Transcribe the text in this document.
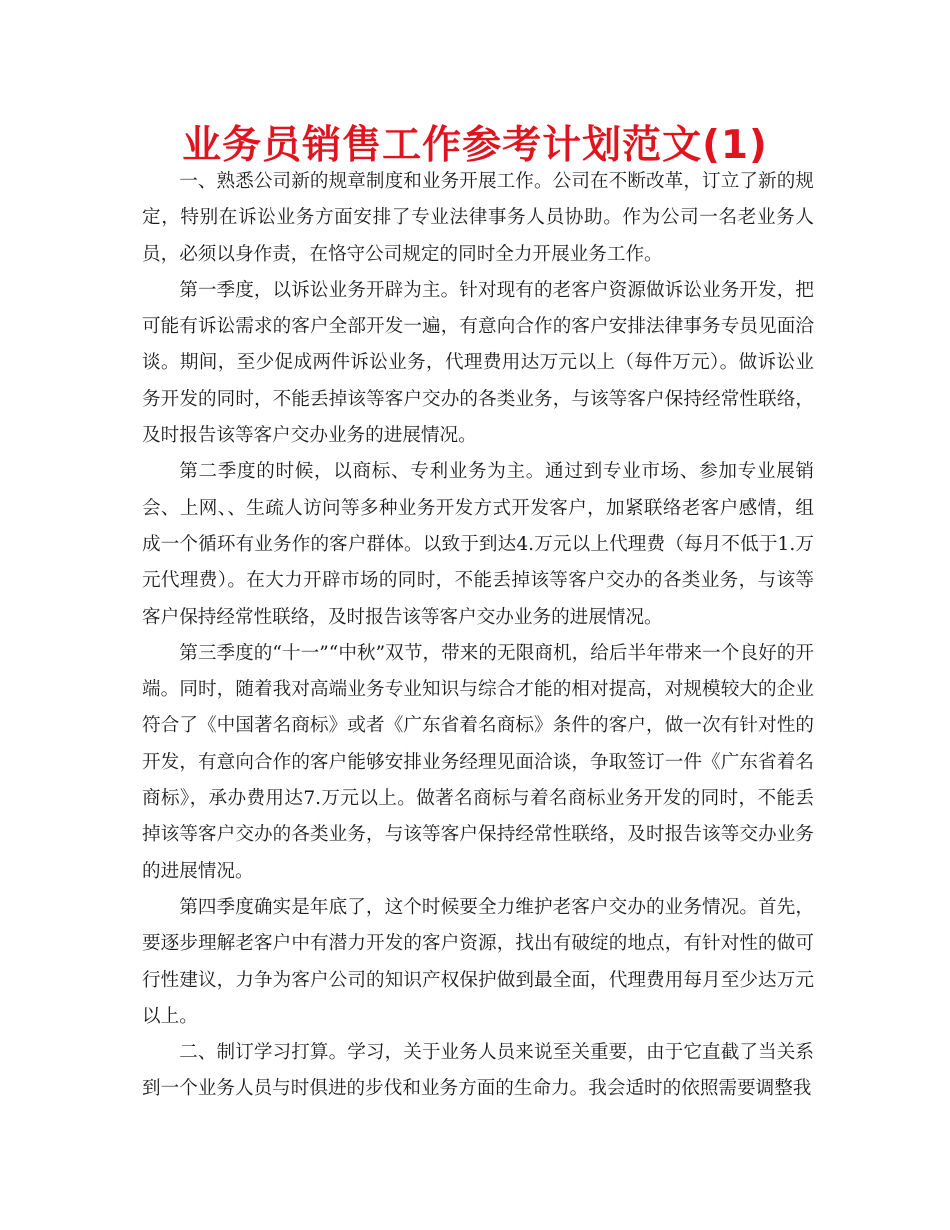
业务员销售工作参考计划范文(1)

一、熟悉公司新的规章制度和业务开展工作。公司在不断改革，订立了新的规定，特别在诉讼业务方面安排了专业法律事务人员协助。作为公司一名老业务人员，必须以身作责，在恪守公司规定的同时全力开展业务工作。

第一季度，以诉讼业务开辟为主。针对现有的老客户资源做诉讼业务开发，把可能有诉讼需求的客户全部开发一遍，有意向合作的客户安排法律事务专员见面洽谈。期间，至少促成两件诉讼业务，代理费用达万元以上（每件万元）。做诉讼业务开发的同时，不能丢掉该等客户交办的各类业务，与该等客户保持经常性联络，及时报告该等客户交办业务的进展情况。

第二季度的时候，以商标、专利业务为主。通过到专业市场、参加专业展销会、上网、、生疏人访问等多种业务开发方式开发客户，加紧联络老客户感情，组成一个循环有业务作的客户群体。以致于到达4.万元以上代理费（每月不低于1.万元代理费）。在大力开辟市场的同时，不能丢掉该等客户交办的各类业务，与该等客户保持经常性联络，及时报告该等客户交办业务的进展情况。

第三季度的“十一”“中秋”双节，带来的无限商机，给后半年带来一个良好的开端。同时，随着我对高端业务专业知识与综合才能的相对提高，对规模较大的企业符合了《中国著名商标》或者《广东省着名商标》条件的客户，做一次有针对性的开发，有意向合作的客户能够安排业务经理见面洽谈，争取签订一件《广东省着名商标》，承办费用达7.万元以上。做著名商标与着名商标业务开发的同时，不能丢掉该等客户交办的各类业务，与该等客户保持经常性联络，及时报告该等交办业务的进展情况。

第四季度确实是年底了，这个时候要全力维护老客户交办的业务情况。首先，要逐步理解老客户中有潜力开发的客户资源，找出有破绽的地点，有针对性的做可行性建议，力争为客户公司的知识产权保护做到最全面，代理费用每月至少达万元以上。

二、制订学习打算。学习，关于业务人员来说至关重要，由于它直截了当关系到一个业务人员与时俱进的步伐和业务方面的生命力。我会适时的依照需要调整我
